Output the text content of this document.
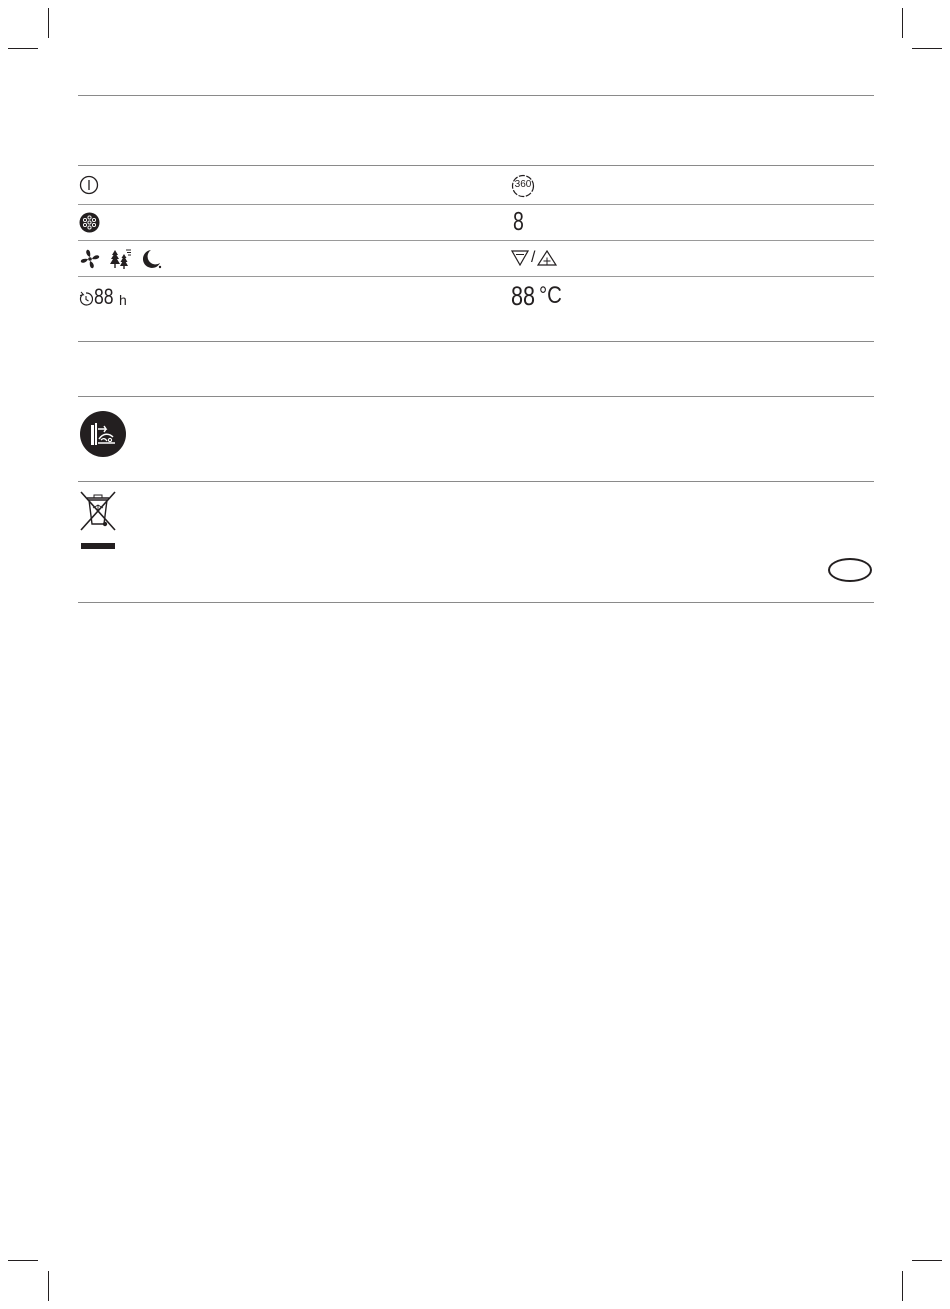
360
8
/
88 h	88 °C
